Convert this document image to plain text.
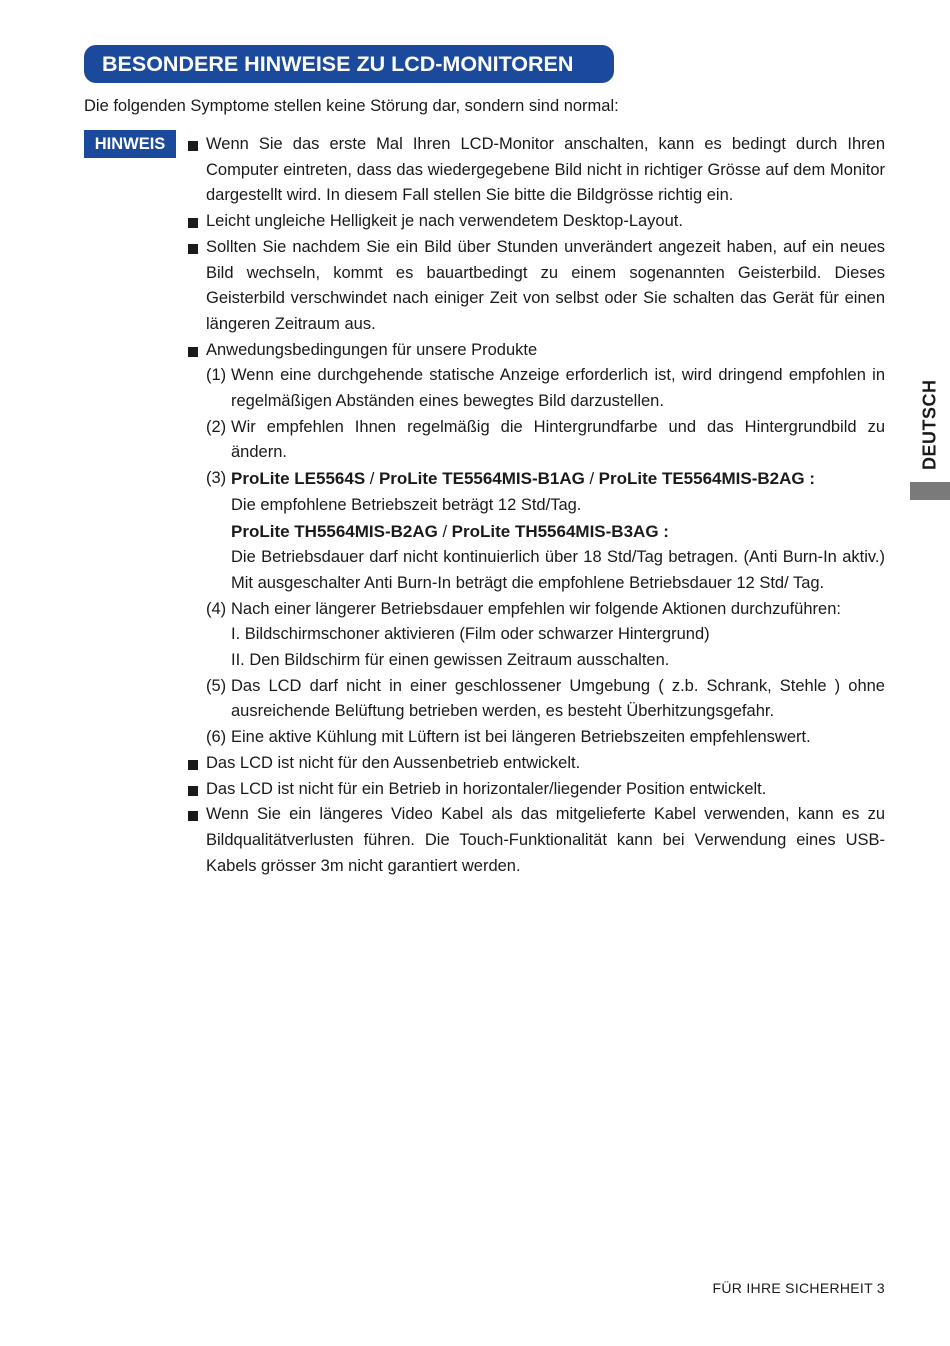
BESONDERE HINWEISE ZU LCD-MONITOREN
Die folgenden Symptome stellen keine Störung dar, sondern sind normal:
HINWEIS	Wenn Sie das erste Mal Ihren LCD-Monitor anschalten, kann es bedingt durch Ihren Computer eintreten, dass das wiedergegebene Bild nicht in richtiger Grösse auf dem Monitor dargestellt wird. In diesem Fall stellen Sie bitte die Bildgrösse richtig ein.
Leicht ungleiche Helligkeit je nach verwendetem Desktop-Layout.
Sollten Sie nachdem Sie ein Bild über Stunden unverändert angezeit haben, auf ein neues Bild wechseln, kommt es bauartbedingt zu einem sogenannten Geisterbild. Dieses Geisterbild verschwindet nach einiger Zeit von selbst oder Sie schalten das Gerät für einen längeren Zeitraum aus.
Anwedungsbedingungen für unsere Produkte
(1) Wenn eine durchgehende statische Anzeige erforderlich ist, wird dringend empfohlen in regelmäßigen Abständen eines bewegtes Bild darzustellen.
(2) Wir empfehlen Ihnen regelmäßig die Hintergrundfarbe und das Hintergrundbild zu ändern.
(3) ProLite LE5564S / ProLite TE5564MIS-B1AG / ProLite TE5564MIS-B2AG :
Die empfohlene Betriebszeit beträgt 12 Std/Tag.
ProLite TH5564MIS-B2AG / ProLite TH5564MIS-B3AG :
Die Betriebsdauer darf nicht kontinuierlich über 18 Std/Tag betragen. (Anti Burn-In aktiv.) Mit ausgeschalter Anti Burn-In beträgt die empfohlene Betriebsdauer 12 Std/ Tag.
(4) Nach einer längerer Betriebsdauer empfehlen wir folgende Aktionen durchzuführen:
I. Bildschirmschoner aktivieren (Film oder schwarzer Hintergrund)
II. Den Bildschirm für einen gewissen Zeitraum ausschalten.
(5) Das LCD darf nicht in einer geschlossener Umgebung ( z.b. Schrank, Stehle ) ohne ausreichende Belüftung betrieben werden, es besteht Überhitzungsgefahr.
(6) Eine aktive Kühlung mit Lüftern ist bei längeren Betriebszeiten empfehlenswert.
Das LCD ist nicht für den Aussenbetrieb entwickelt.
Das LCD ist nicht für ein Betrieb in horizontaler/liegender Position entwickelt.
Wenn Sie ein längeres Video Kabel als das mitgelieferte Kabel verwenden, kann es zu Bildqualitätverlusten führen. Die Touch-Funktionalität kann bei Verwendung eines USB-Kabels grösser 3m nicht garantiert werden.
DEUTSCH
FÜR IHRE SICHERHEIT 3
